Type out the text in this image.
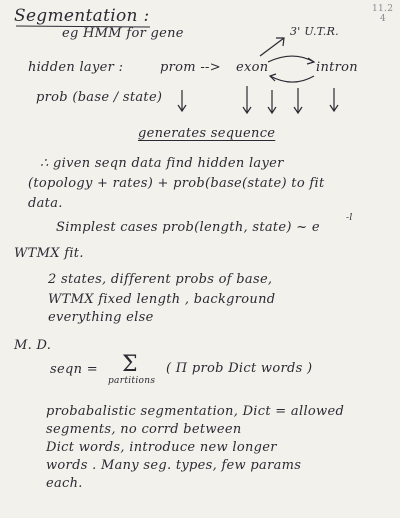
11.2
4
Segmentation :
eg HMM for gene	3' U.T.R.
hidden layer :	prom --> exon	intron
prob (base / state)
generates sequence
∴ given seqn data find hidden layer
(topology + rates) + prob(base(state) to fit
data.
Simplest cases prob(length, state) ~ e
-l
WTMX fit.
2 states, different probs of base,
WTMX fixed length , background
everything else
M. D.
seqn = Σ
partitions
( Π prob Dict words )
probabalistic segmentation, Dict = allowed
segments, no corrd between
Dict words, introduce new longer
words . Many seg. types, few params
each.
